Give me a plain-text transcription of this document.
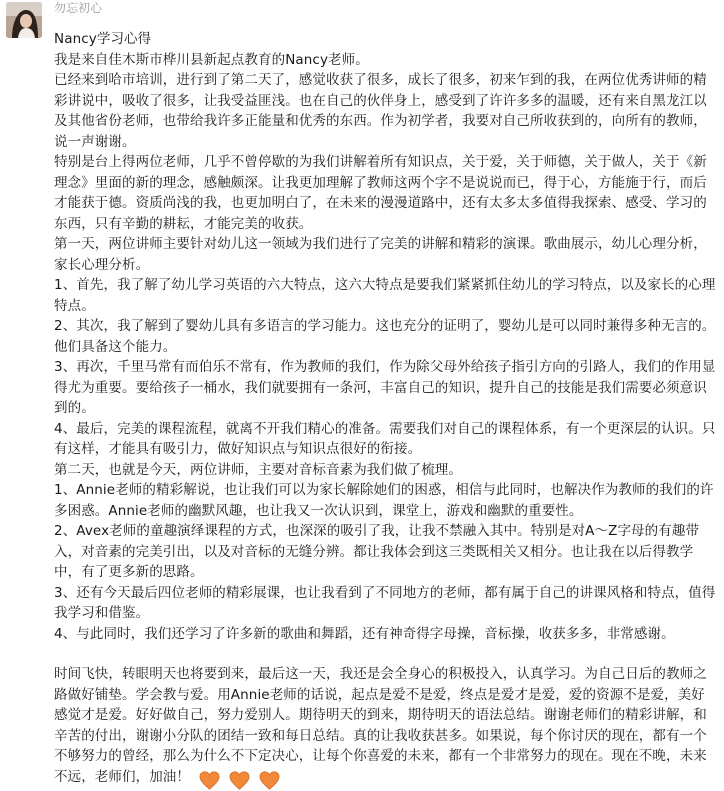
勿忘初心

Nancy学习心得

我是来自佳木斯市桦川县新起点教育的Nancy老师。

已经来到哈市培训，进行到了第二天了，感觉收获了很多，成长了很多，初来乍到的我，在两位优秀讲师的精彩讲说中，吸收了很多，让我受益匪浅。也在自己的伙伴身上，感受到了许许多多的温暖，还有来自黑龙江以及其他省份老师，也带给我许多正能量和优秀的东西。作为初学者，我要对自己所收获到的，向所有的教师，说一声谢谢。

特别是台上得两位老师，几乎不曾停歇的为我们讲解着所有知识点，关于爱，关于师德，关于做人，关于《新理念》里面的新的理念，感触颇深。让我更加理解了教师这两个字不是说说而已，得于心，方能施于行，而后才能获于德。资质尚浅的我，也更加明白了，在未来的漫漫道路中，还有太多太多值得我探索、感受、学习的东西，只有辛勤的耕耘，才能完美的收获。

第一天，两位讲师主要针对幼儿这一领域为我们进行了完美的讲解和精彩的演课。歌曲展示，幼儿心理分析，家长心理分析。

1、首先，我了解了幼儿学习英语的六大特点，这六大特点是要我们紧紧抓住幼儿的学习特点，以及家长的心理特点。

2、其次，我了解到了婴幼儿具有多语言的学习能力。这也充分的证明了，婴幼儿是可以同时兼得多种无言的。他们具备这个能力。

3、再次，千里马常有而伯乐不常有，作为教师的我们，作为除父母外给孩子指引方向的引路人，我们的作用显得尤为重要。要给孩子一桶水，我们就要拥有一条河，丰富自己的知识，提升自己的技能是我们需要必须意识到的。

4、最后，完美的课程流程，就离不开我们精心的准备。需要我们对自己的课程体系，有一个更深层的认识。只有这样，才能具有吸引力，做好知识点与知识点很好的衔接。

第二天，也就是今天，两位讲师，主要对音标音素为我们做了梳理。

1、Annie老师的精彩解说，也让我们可以为家长解除她们的困惑，相信与此同时，也解决作为教师的我们的许多困惑。Annie老师的幽默风趣，也让我又一次认识到，课堂上，游戏和幽默的重要性。

2、Avex老师的童趣演绎课程的方式，也深深的吸引了我，让我不禁融入其中。特别是对A～Z字母的有趣带入，对音素的完美引出，以及对音标的无缝分辨。都让我体会到这三类既相关又相分。也让我在以后得教学中，有了更多新的思路。

3、还有今天最后四位老师的精彩展课，也让我看到了不同地方的老师，都有属于自己的讲课风格和特点，值得我学习和借鉴。

4、与此同时，我们还学习了许多新的歌曲和舞蹈，还有神奇得字母操，音标操，收获多多，非常感谢。

时间飞快，转眼明天也将要到来，最后这一天，我还是会全身心的积极投入，认真学习。为自己日后的教师之路做好铺垫。学会教与爱。用Annie老师的话说，起点是爱不是爱，终点是爱才是爱，爱的资源不是爱，美好感觉才是爱。好好做自己，努力爱别人。期待明天的到来，期待明天的语法总结。谢谢老师们的精彩讲解，和辛苦的付出，谢谢小分队的团结一致和每日总结。真的让我收获甚多。如果说，每个你讨厌的现在，都有一个不够努力的曾经，那么为什么不下定决心，让每个你喜爱的未来，都有一个非常努力的现在。现在不晚，未来不远，老师们，加油！
